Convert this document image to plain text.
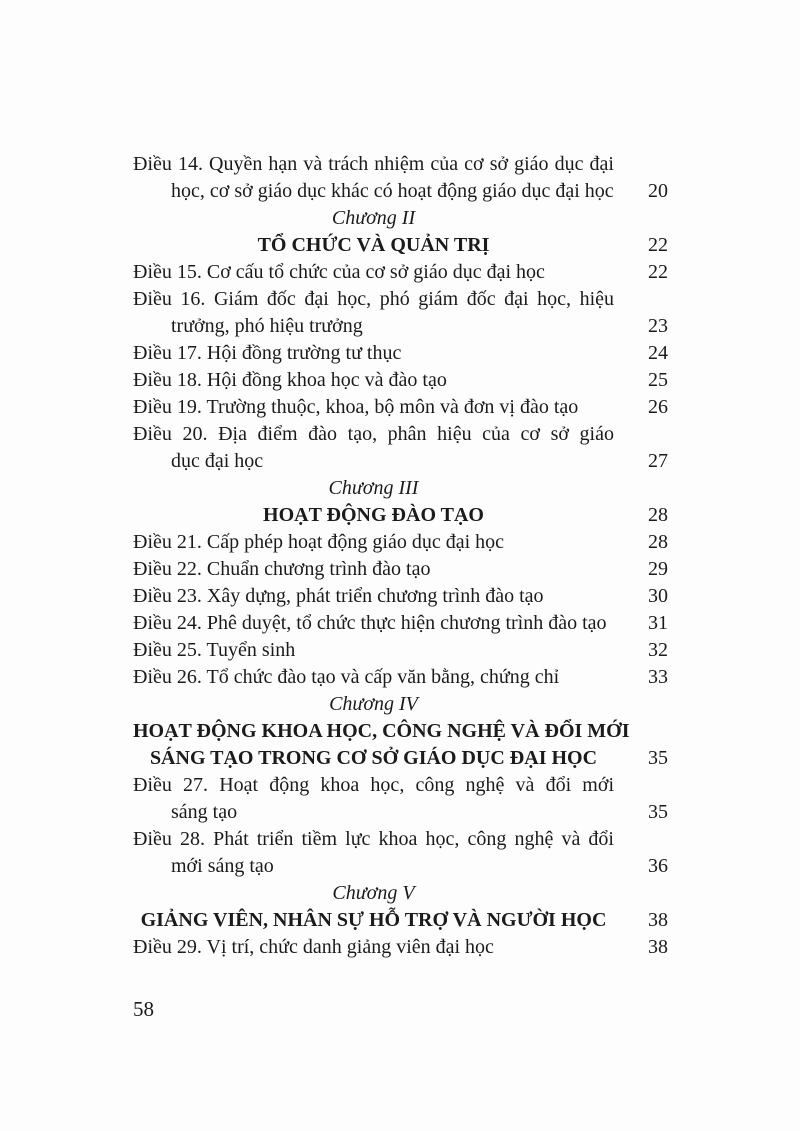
Điều 14. Quyền hạn và trách nhiệm của cơ sở giáo dục đại
học, cơ sở giáo dục khác có hoạt động giáo dục đại học	20
Chương II
TỔ CHỨC VÀ QUẢN TRỊ	22
Điều 15. Cơ cấu tổ chức của cơ sở giáo dục đại học	22
Điều 16. Giám đốc đại học, phó giám đốc đại học, hiệu
trưởng, phó hiệu trưởng	23
Điều 17. Hội đồng trường tư thục	24
Điều 18. Hội đồng khoa học và đào tạo	25
Điều 19. Trường thuộc, khoa, bộ môn và đơn vị đào tạo	26
Điều 20. Địa điểm đào tạo, phân hiệu của cơ sở giáo
dục đại học	27
Chương III
HOẠT ĐỘNG ĐÀO TẠO	28
Điều 21. Cấp phép hoạt động giáo dục đại học	28
Điều 22. Chuẩn chương trình đào tạo	29
Điều 23. Xây dựng, phát triển chương trình đào tạo	30
Điều 24. Phê duyệt, tổ chức thực hiện chương trình đào tạo	31
Điều 25. Tuyển sinh	32
Điều 26. Tổ chức đào tạo và cấp văn bằng, chứng chỉ	33
Chương IV
HOẠT ĐỘNG KHOA HỌC, CÔNG NGHỆ VÀ ĐỔI MỚI
SÁNG TẠO TRONG CƠ SỞ GIÁO DỤC ĐẠI HỌC	35
Điều 27. Hoạt động khoa học, công nghệ và đổi mới
sáng tạo	35
Điều 28. Phát triển tiềm lực khoa học, công nghệ và đổi
mới sáng tạo	36
Chương V
GIẢNG VIÊN, NHÂN SỰ HỖ TRỢ VÀ NGƯỜI HỌC	38
Điều 29. Vị trí, chức danh giảng viên đại học	38
58
